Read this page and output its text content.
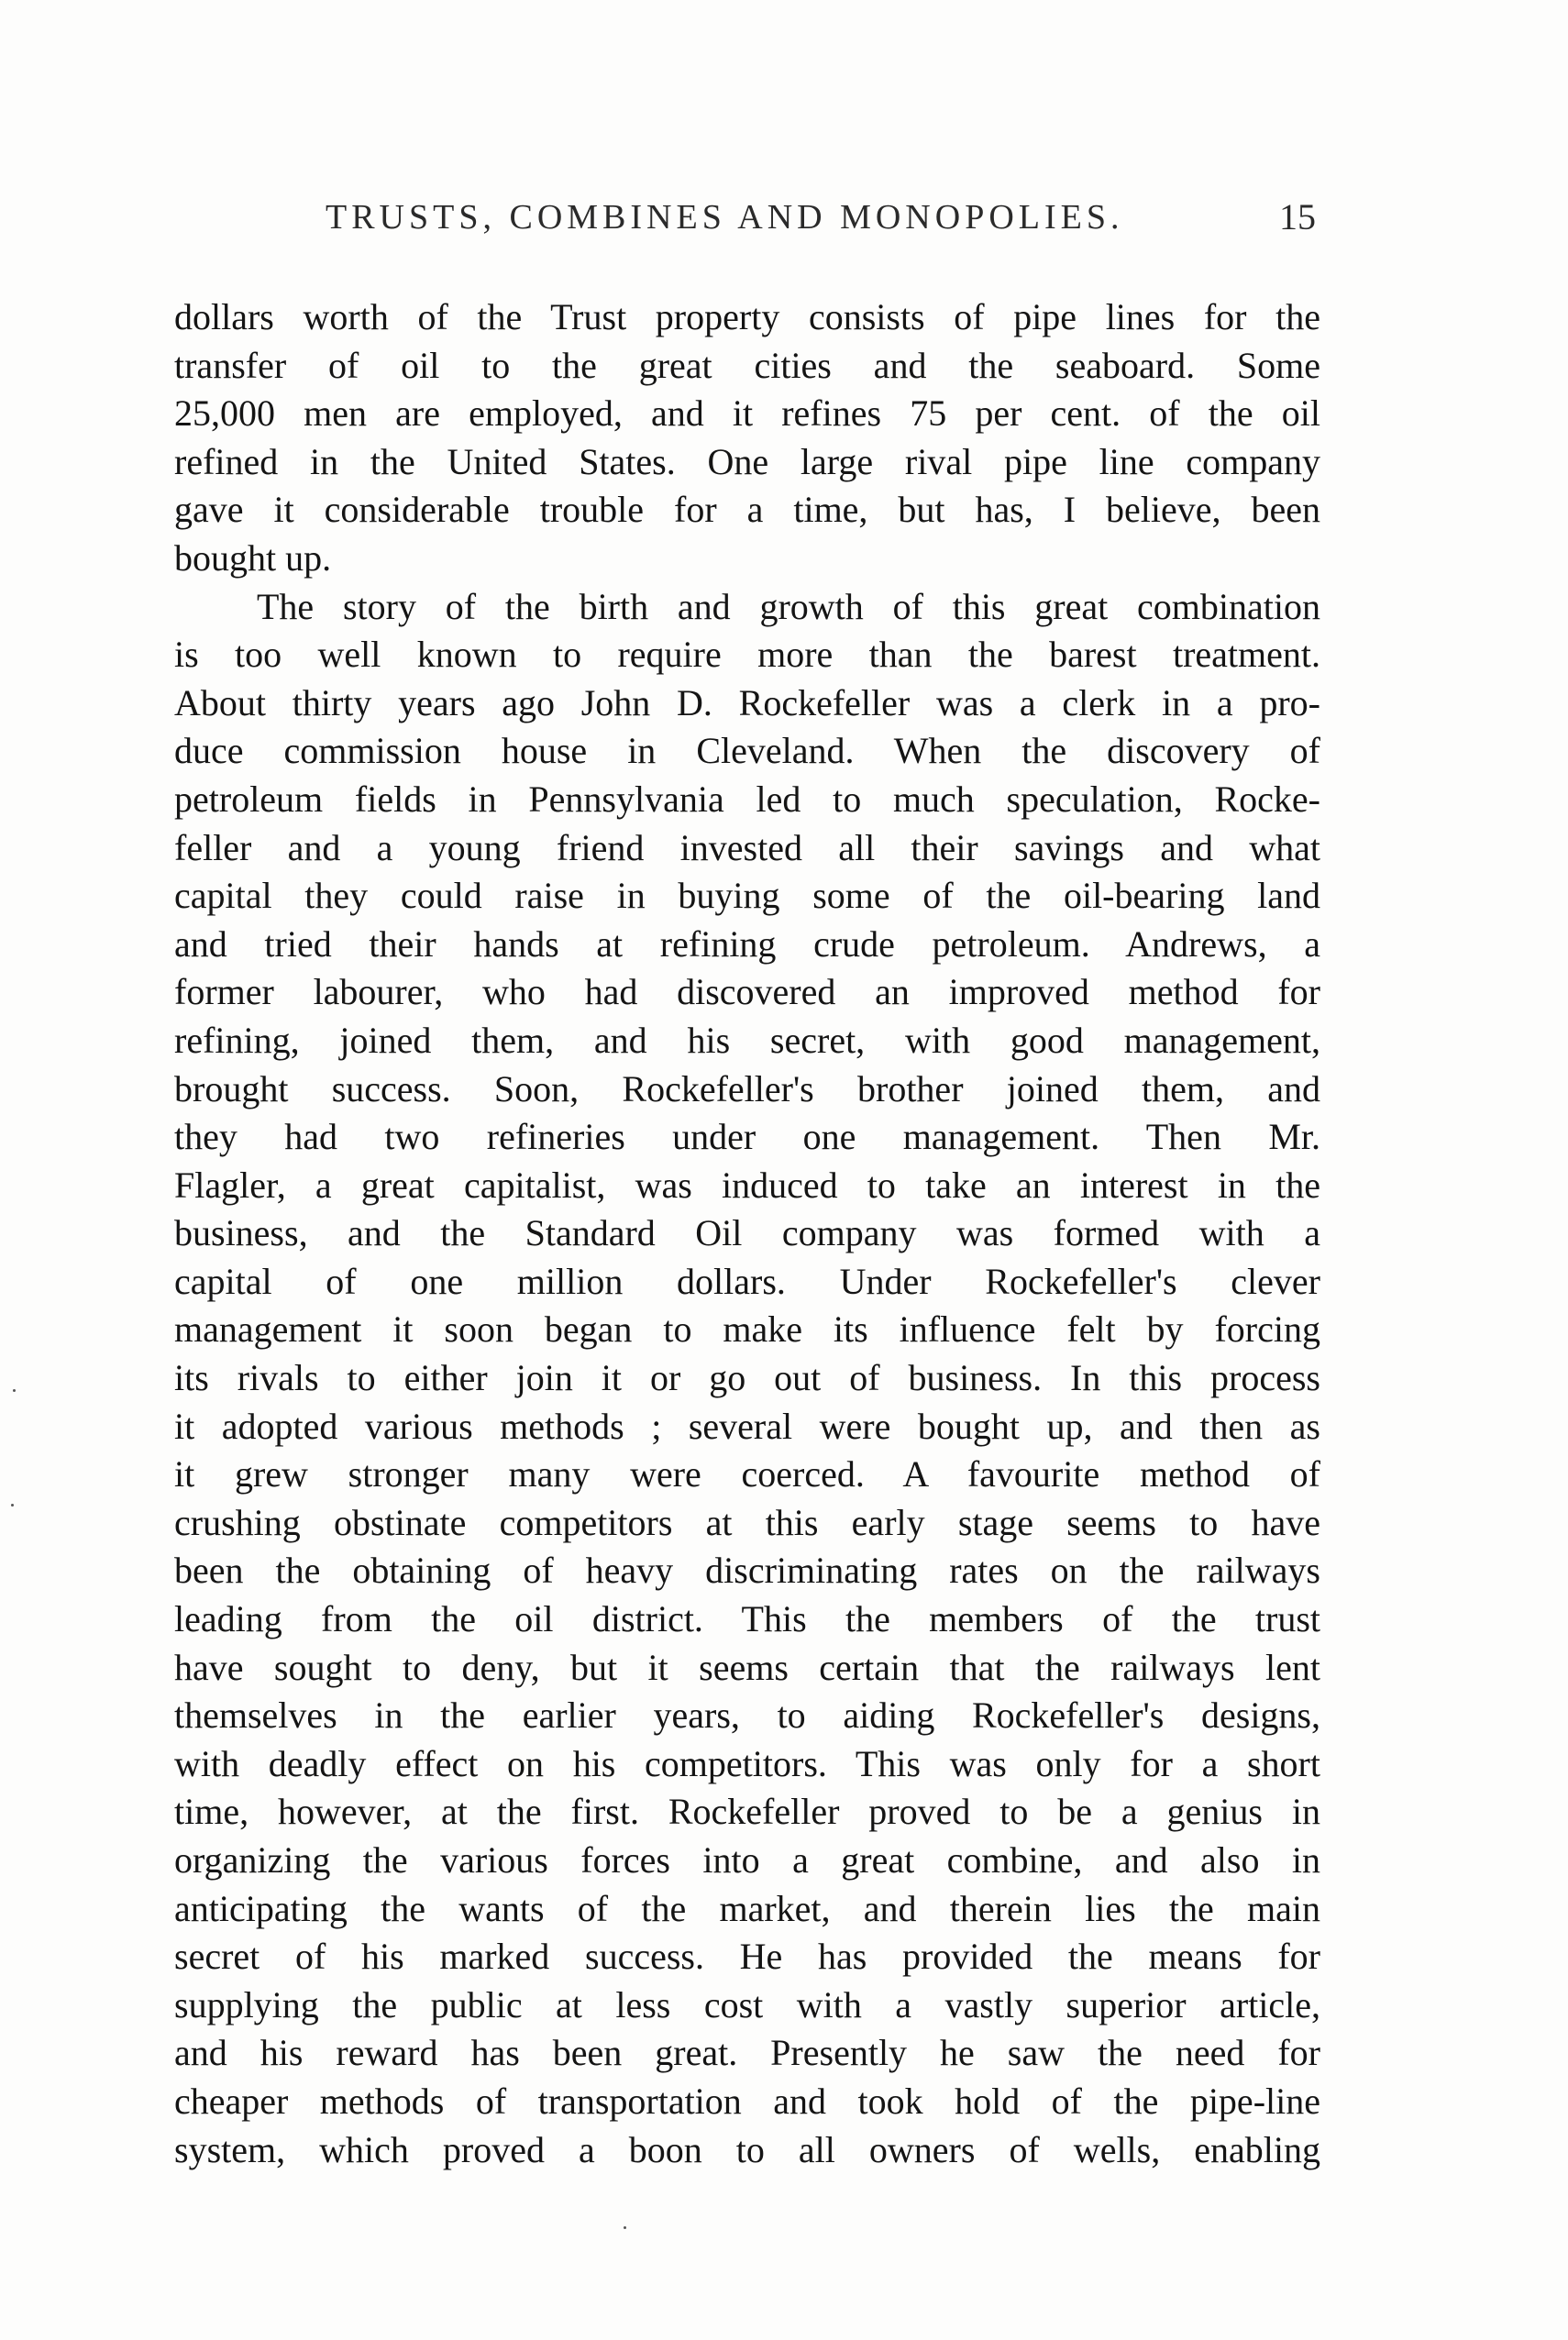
TRUSTS, COMBINES AND MONOPOLIES.	15
dollars worth of the Trust property consists of pipe lines for the
transfer of oil to the great cities and the seaboard. Some
25,000 men are employed, and it refines 75 per cent. of the oil
refined in the United States. One large rival pipe line company
gave it considerable trouble for a time, but has, I believe, been
bought up.
The story of the birth and growth of this great combination
is too well known to require more than the barest treatment.
About thirty years ago John D. Rockefeller was a clerk in a pro-
duce commission house in Cleveland. When the discovery of
petroleum fields in Pennsylvania led to much speculation, Rocke-
feller and a young friend invested all their savings and what
capital they could raise in buying some of the oil-bearing land
and tried their hands at refining crude petroleum. Andrews, a
former labourer, who had discovered an improved method for
refining, joined them, and his secret, with good management,
brought success. Soon, Rockefeller's brother joined them, and
they had two refineries under one management. Then Mr.
Flagler, a great capitalist, was induced to take an interest in the
business, and the Standard Oil company was formed with a
capital of one million dollars. Under Rockefeller's clever
management it soon began to make its influence felt by forcing
its rivals to either join it or go out of business. In this process
it adopted various methods ; several were bought up, and then as
it grew stronger many were coerced. A favourite method of
crushing obstinate competitors at this early stage seems to have
been the obtaining of heavy discriminating rates on the railways
leading from the oil district. This the members of the trust
have sought to deny, but it seems certain that the railways lent
themselves in the earlier years, to aiding Rockefeller's designs,
with deadly effect on his competitors. This was only for a short
time, however, at the first. Rockefeller proved to be a genius in
organizing the various forces into a great combine, and also in
anticipating the wants of the market, and therein lies the main
secret of his marked success. He has provided the means for
supplying the public at less cost with a vastly superior article,
and his reward has been great. Presently he saw the need for
cheaper methods of transportation and took hold of the pipe-line
system, which proved a boon to all owners of wells, enabling
